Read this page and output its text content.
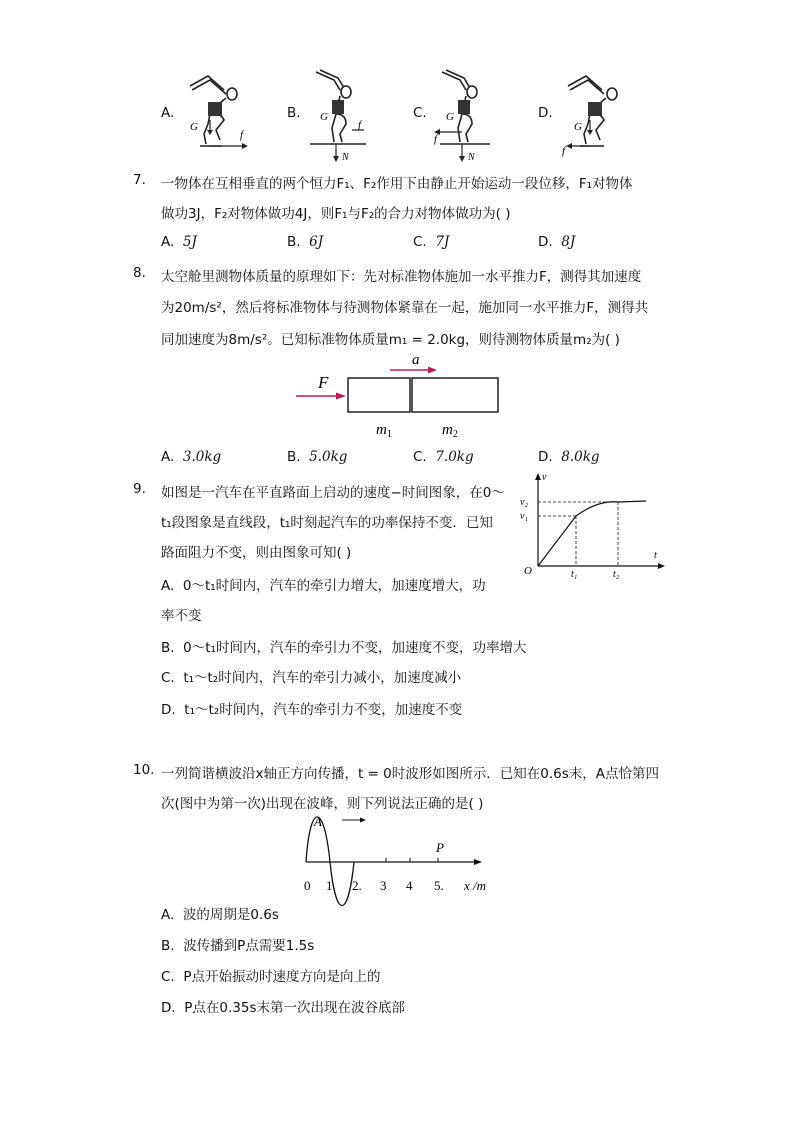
A.	B.	C.	D.
G
f
G
f
N
G
f
N
G
f
7. 一物体在互相垂直的两个恒力F₁、F₂作用下由静止开始运动一段位移，F₁对物体
做功3J，F₂对物体做功4J，则F₁与F₂的合力对物体做功为( )
A. 5J	B. 6J	C. 7J	D. 8J
8. 太空舱里测物体质量的原理如下：先对标准物体施加一水平推力F，测得其加速度
为20m/s²，然后将标准物体与待测物体紧靠在一起，施加同一水平推力F，测得共
同加速度为8m/s²。已知标准物体质量m₁ = 2.0kg，则待测物体质量m₂为( )
a
F
$m_1$	$m_2$
A. 3.0kg	B. 5.0kg	C. 7.0kg	D. 8.0kg
9. 如图是一汽车在平直路面上启动的速度−时间图象，在0～
t₁段图象是直线段，t₁时刻起汽车的功率保持不变．已知
路面阻力不变，则由图象可知( )
v
v₂
v₁
O
t
t₁	t₂
A. 0～t₁时间内，汽车的牵引力增大，加速度增大，功
率不变
B. 0～t₁时间内，汽车的牵引力不变，加速度不变，功率增大
C. t₁～t₂时间内，汽车的牵引力减小，加速度减小
D. t₁～t₂时间内，汽车的牵引力不变，加速度不变
10. 一列简谐横波沿x轴正方向传播，t = 0时波形如图所示．已知在0.6s末，A点恰第四
次(图中为第一次)出现在波峰，则下列说法正确的是( )
A
P
0 1 2. 3 4 5. x /m
A. 波的周期是0.6s
B. 波传播到P点需要1.5s
C. P点开始振动时速度方向是向上的
D. P点在0.35s末第一次出现在波谷底部
